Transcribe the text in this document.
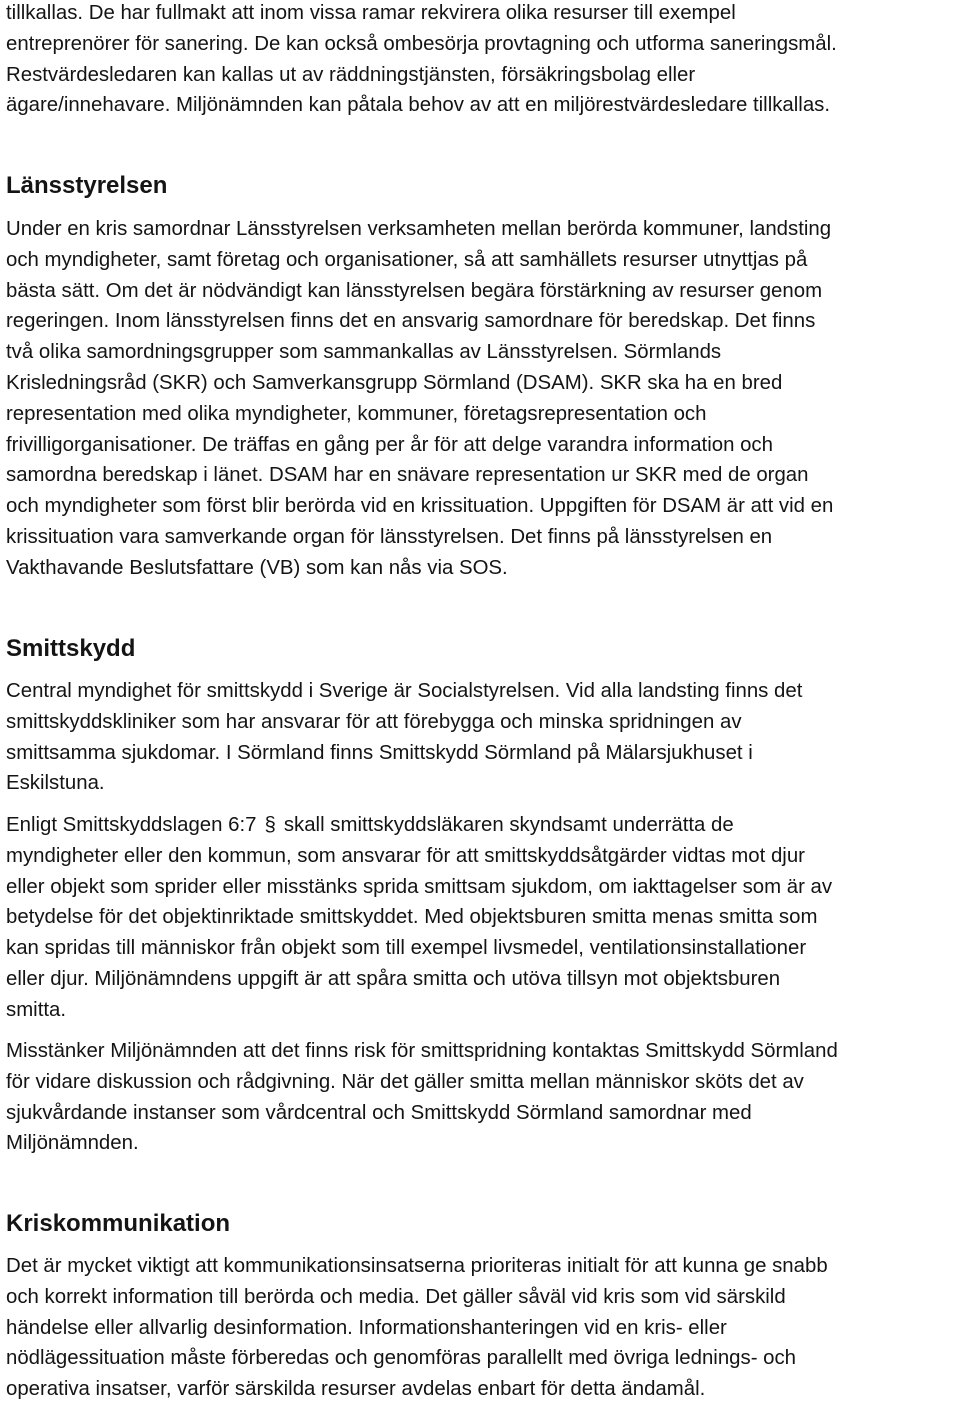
tillkallas. De har fullmakt att inom vissa ramar rekvirera olika resurser till exempel
entreprenörer för sanering. De kan också ombesörja provtagning och utforma saneringsmål.
Restvärdesledaren kan kallas ut av räddningstjänsten, försäkringsbolag eller
ägare/innehavare. Miljönämnden kan påtala behov av att en miljörestvärdesledare tillkallas.

Länsstyrelsen

Under en kris samordnar Länsstyrelsen verksamheten mellan berörda kommuner, landsting
och myndigheter, samt företag och organisationer, så att samhällets resurser utnyttjas på
bästa sätt. Om det är nödvändigt kan länsstyrelsen begära förstärkning av resurser genom
regeringen. Inom länsstyrelsen finns det en ansvarig samordnare för beredskap. Det finns
två olika samordningsgrupper som sammankallas av Länsstyrelsen. Sörmlands
Krisledningsråd (SKR) och Samverkansgrupp Sörmland (DSAM). SKR ska ha en bred
representation med olika myndigheter, kommuner, företagsrepresentation och
frivilligorganisationer. De träffas en gång per år för att delge varandra information och
samordna beredskap i länet. DSAM har en snävare representation ur SKR med de organ
och myndigheter som först blir berörda vid en krissituation. Uppgiften för DSAM är att vid en
krissituation vara samverkande organ för länsstyrelsen. Det finns på länsstyrelsen en
Vakthavande Beslutsfattare (VB) som kan nås via SOS.

Smittskydd

Central myndighet för smittskydd i Sverige är Socialstyrelsen. Vid alla landsting finns det
smittskyddskliniker som har ansvarar för att förebygga och minska spridningen av
smittsamma sjukdomar. I Sörmland finns Smittskydd Sörmland på Mälarsjukhuset i
Eskilstuna.

Enligt Smittskyddslagen 6:7 § skall smittskyddsläkaren skyndsamt underrätta de
myndigheter eller den kommun, som ansvarar för att smittskyddsåtgärder vidtas mot djur
eller objekt som sprider eller misstänks sprida smittsam sjukdom, om iakttagelser som är av
betydelse för det objektinriktade smittskyddet. Med objektsburen smitta menas smitta som
kan spridas till människor från objekt som till exempel livsmedel, ventilationsinstallationer
eller djur. Miljönämndens uppgift är att spåra smitta och utöva tillsyn mot objektsburen
smitta.

Misstänker Miljönämnden att det finns risk för smittspridning kontaktas Smittskydd Sörmland
för vidare diskussion och rådgivning. När det gäller smitta mellan människor sköts det av
sjukvårdande instanser som vårdcentral och Smittskydd Sörmland samordnar med
Miljönämnden.

Kriskommunikation

Det är mycket viktigt att kommunikationsinsatserna prioriteras initialt för att kunna ge snabb
och korrekt information till berörda och media. Det gäller såväl vid kris som vid särskild
händelse eller allvarlig desinformation. Informationshanteringen vid en kris- eller
nödlägessituation måste förberedas och genomföras parallellt med övriga lednings- och
operativa insatser, varför särskilda resurser avdelas enbart för detta ändamål.
